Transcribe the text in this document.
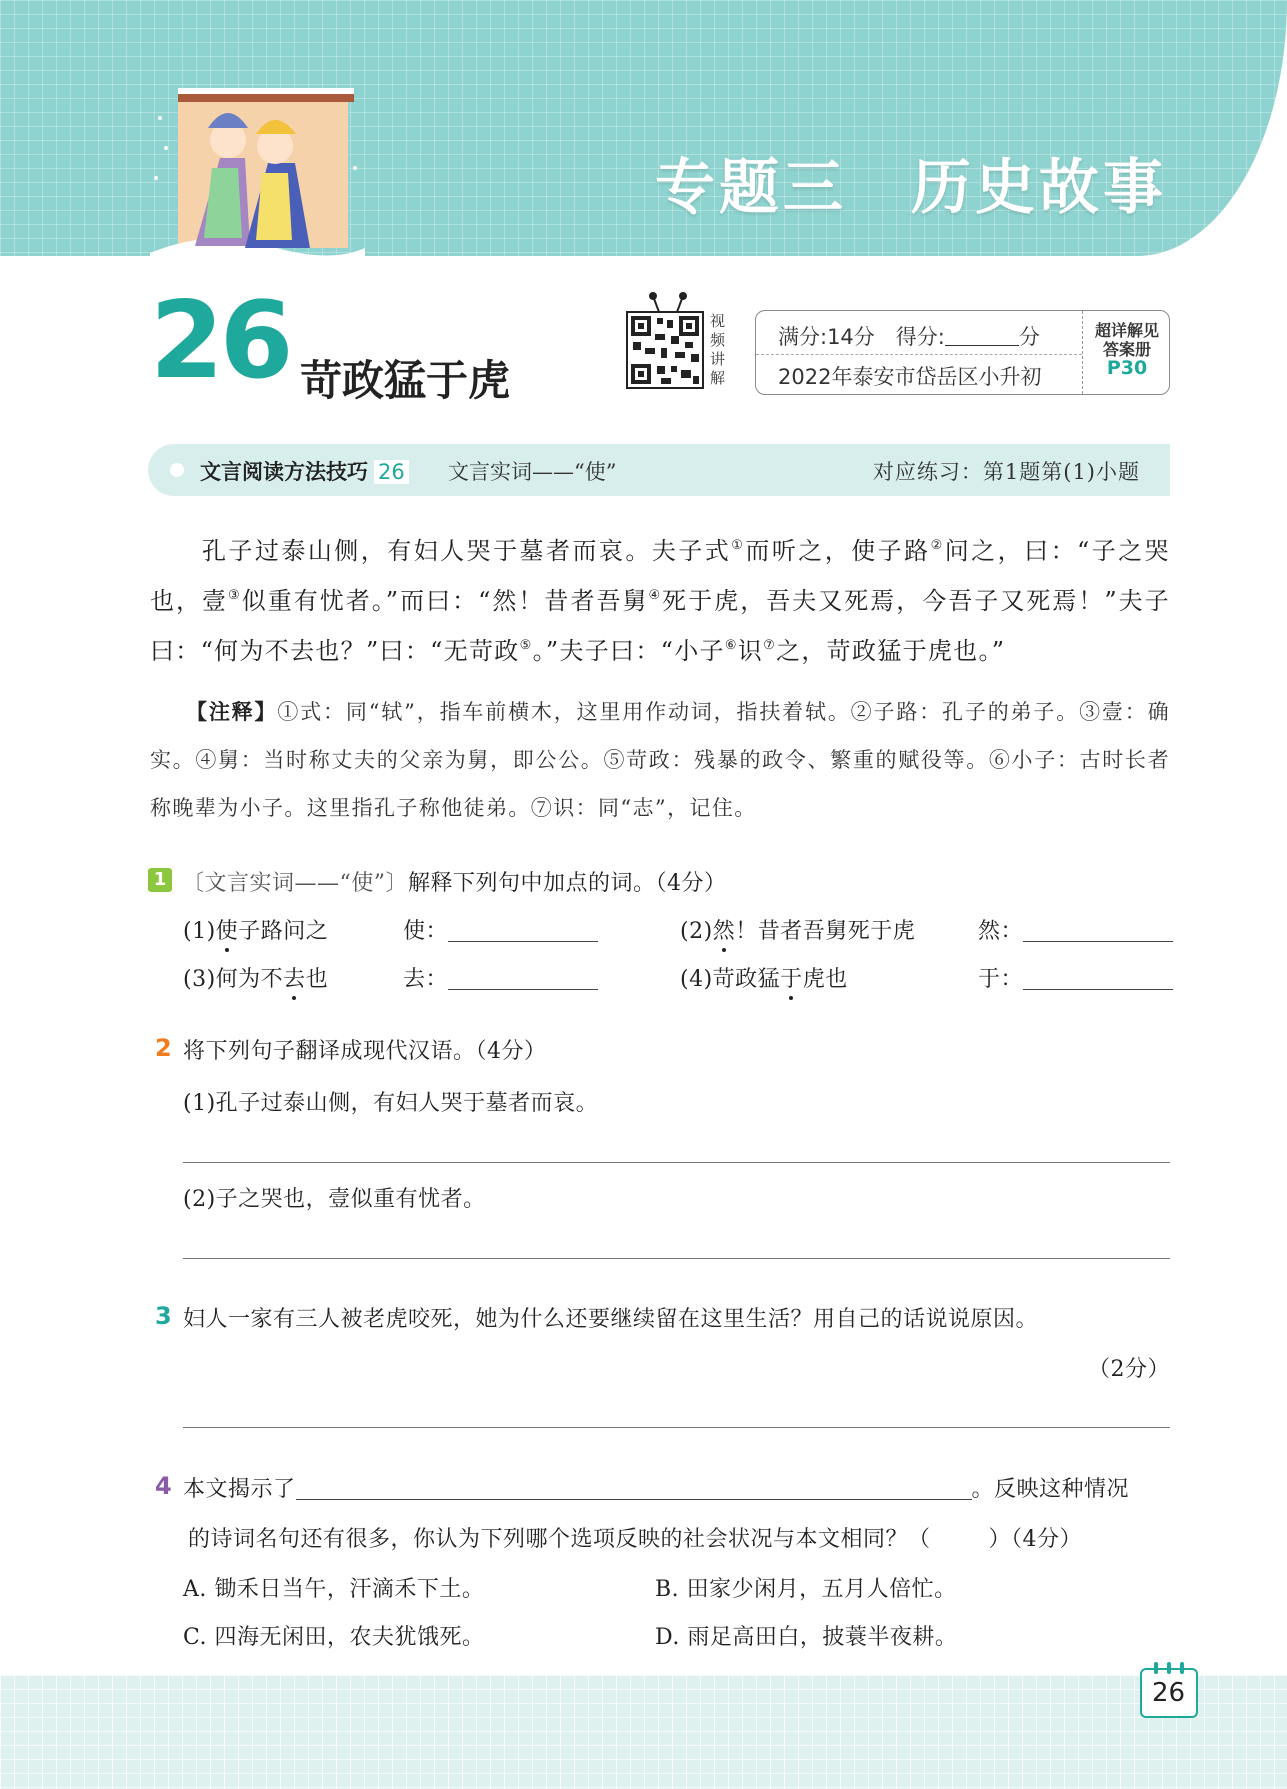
专题三　历史故事
26 苛政猛于虎
视频讲解
满分:14分　得分:	分
2022年泰安市岱岳区小升初
超详解见
答案册
P30
文言阅读方法技巧 26 文言实词——“使”	对应练习：第1题第(1)小题
孔子过泰山侧，有妇人哭于墓者而哀。夫子式①而听之，使子路②问之，曰：“子之哭也，壹③似重有忧者。”而曰：“然！昔者吾舅④死于虎，吾夫又死焉，今吾子又死焉！”夫子曰：“何为不去也？”曰：“无苛政⑤。”夫子曰：“小子⑥识⑦之，苛政猛于虎也。”
【注释】①式：同“轼”，指车前横木，这里用作动词，指扶着轼。②子路：孔子的弟子。③壹：确实。④舅：当时称丈夫的父亲为舅，即公公。⑤苛政：残暴的政令、繁重的赋役等。⑥小子：古时长者称晚辈为小子。这里指孔子称他徒弟。⑦识：同“志”，记住。
1 〔文言实词——“使”〕解释下列句中加点的词。（4分）
(1)使子路问之	使：	(2)然！昔者吾舅死于虎	然：
(3)何为不去也	去：	(4)苛政猛于虎也	于：
2 将下列句子翻译成现代汉语。（4分）
(1)孔子过泰山侧，有妇人哭于墓者而哀。
(2)子之哭也，壹似重有忧者。
3 妇人一家有三人被老虎咬死，她为什么还要继续留在这里生活？用自己的话说说原因。
（2分）
4 本文揭示了	。反映这种情况
的诗词名句还有很多，你认为下列哪个选项反映的社会状况与本文相同？（	）（4分）
A. 锄禾日当午，汗滴禾下土。	B. 田家少闲月，五月人倍忙。
C. 四海无闲田，农夫犹饿死。	D. 雨足高田白，披蓑半夜耕。
26
